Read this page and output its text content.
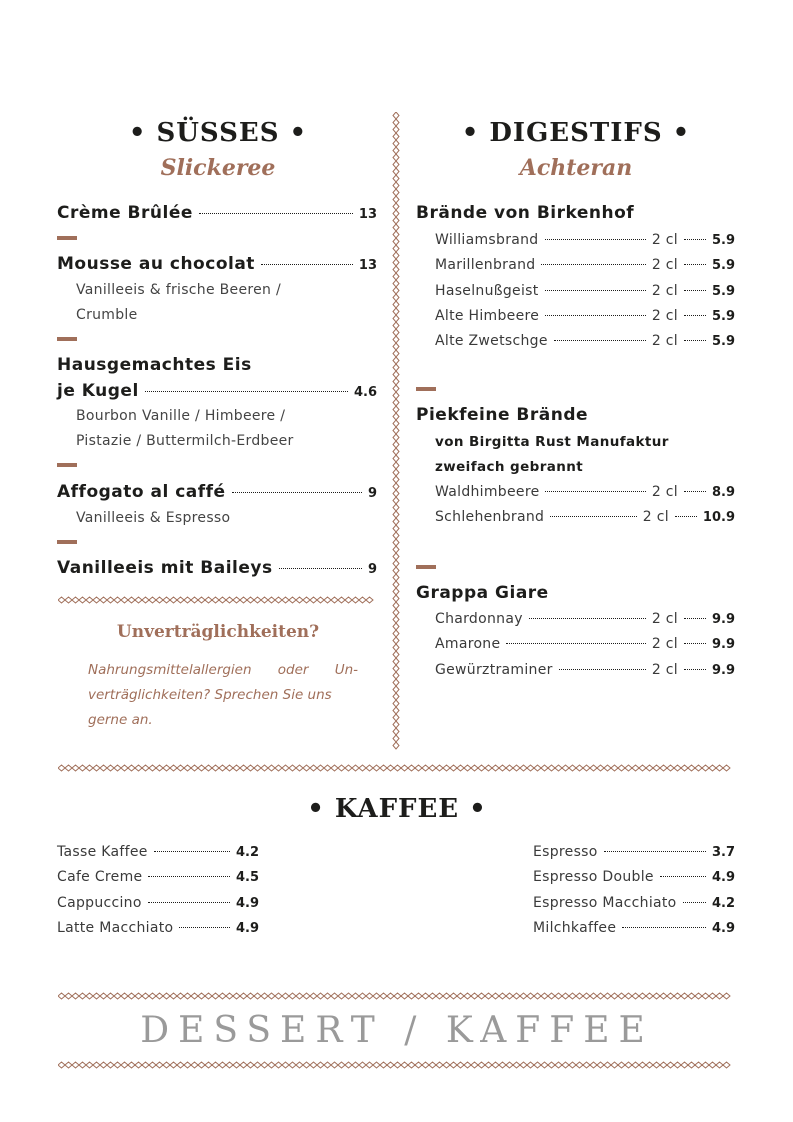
• SÜSSES •
Slickeree
Crème Brûlée	13
Mousse au chocolat	13
Vanilleeis & frische Beeren /
Crumble
Hausgemachtes Eis
je Kugel	4.6
Bourbon Vanille / Himbeere /
Pistazie / Buttermilch-Erdbeer
Affogato al caffé	9
Vanilleeis & Espresso
Vanilleeis mit Baileys	9
Unverträglichkeiten?
Nahrungsmittelallergien oder Un-
verträglichkeiten? Sprechen Sie uns
gerne an.
• DIGESTIFS •
Achteran
Brände von Birkenhof
Williamsbrand	2 cl	5.9
Marillenbrand	2 cl	5.9
Haselnußgeist	2 cl	5.9
Alte Himbeere	2 cl	5.9
Alte Zwetschge	2 cl	5.9
Piekfeine Brände
von Birgitta Rust Manufaktur
zweifach gebrannt
Waldhimbeere	2 cl	8.9
Schlehenbrand	2 cl	10.9
Grappa Giare
Chardonnay	2 cl	9.9
Amarone	2 cl	9.9
Gewürztraminer	2 cl	9.9
• KAFFEE •
Tasse Kaffee	4.2
Cafe Creme	4.5
Cappuccino	4.9
Latte Macchiato	4.9
Espresso	3.7
Espresso Double	4.9
Espresso Macchiato	4.2
Milchkaffee	4.9
DESSERT / KAFFEE
